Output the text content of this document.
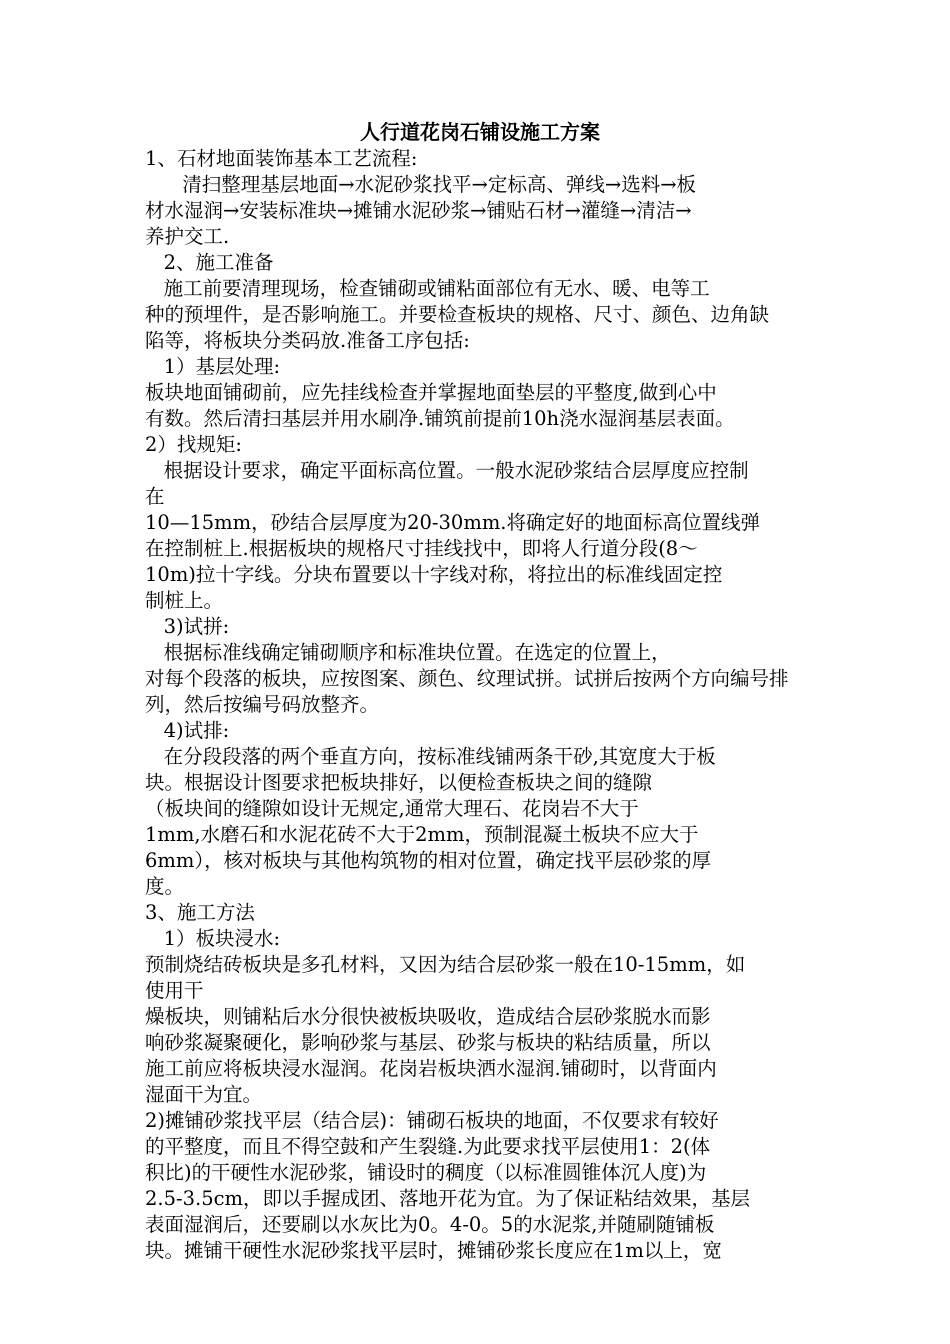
人行道花岗石铺设施工方案
1、石材地面装饰基本工艺流程:
清扫整理基层地面→水泥砂浆找平→定标高、弹线→选料→板
材水湿润→安装标准块→摊铺水泥砂浆→铺贴石材→灌缝→清洁→
养护交工.
2、施工准备
施工前要清理现场，检查铺砌或铺粘面部位有无水、暖、电等工
种的预埋件，是否影响施工。并要检查板块的规格、尺寸、颜色、边角缺
陷等，将板块分类码放.准备工序包括:
1）基层处理:
板块地面铺砌前，应先挂线检查并掌握地面垫层的平整度,做到心中
有数。然后清扫基层并用水刷净.铺筑前提前10h浇水湿润基层表面。
2）找规矩:
根据设计要求，确定平面标高位置。一般水泥砂浆结合层厚度应控制
在
10—15mm，砂结合层厚度为20-30mm.将确定好的地面标高位置线弹
在控制桩上.根据板块的规格尺寸挂线找中，即将人行道分段(8～
10m)拉十字线。分块布置要以十字线对称，将拉出的标准线固定控
制桩上。
3)试拼:
根据标准线确定铺砌顺序和标准块位置。在选定的位置上，
对每个段落的板块，应按图案、颜色、纹理试拼。试拼后按两个方向编号排
列，然后按编号码放整齐。
4)试排:
在分段段落的两个垂直方向，按标准线铺两条干砂,其宽度大于板
块。根据设计图要求把板块排好，以便检查板块之间的缝隙
（板块间的缝隙如设计无规定,通常大理石、花岗岩不大于
1mm,水磨石和水泥花砖不大于2mm，预制混凝土板块不应大于
6mm），核对板块与其他构筑物的相对位置，确定找平层砂浆的厚
度。
3、施工方法
1）板块浸水:
预制烧结砖板块是多孔材料，又因为结合层砂浆一般在10-15mm，如
使用干
燥板块，则铺粘后水分很快被板块吸收，造成结合层砂浆脱水而影
响砂浆凝聚硬化，影响砂浆与基层、砂浆与板块的粘结质量，所以
施工前应将板块浸水湿润。花岗岩板块洒水湿润.铺砌时，以背面内
湿面干为宜。
2)摊铺砂浆找平层（结合层)：铺砌石板块的地面，不仅要求有较好
的平整度，而且不得空鼓和产生裂缝.为此要求找平层使用1：2(体
积比)的干硬性水泥砂浆，铺设时的稠度（以标准圆锥体沉人度)为
2.5-3.5cm，即以手握成团、落地开花为宜。为了保证粘结效果，基层
表面湿润后，还要刷以水灰比为0。4-0。5的水泥浆,并随刷随铺板
块。摊铺干硬性水泥砂浆找平层时，摊铺砂浆长度应在1m以上，宽
